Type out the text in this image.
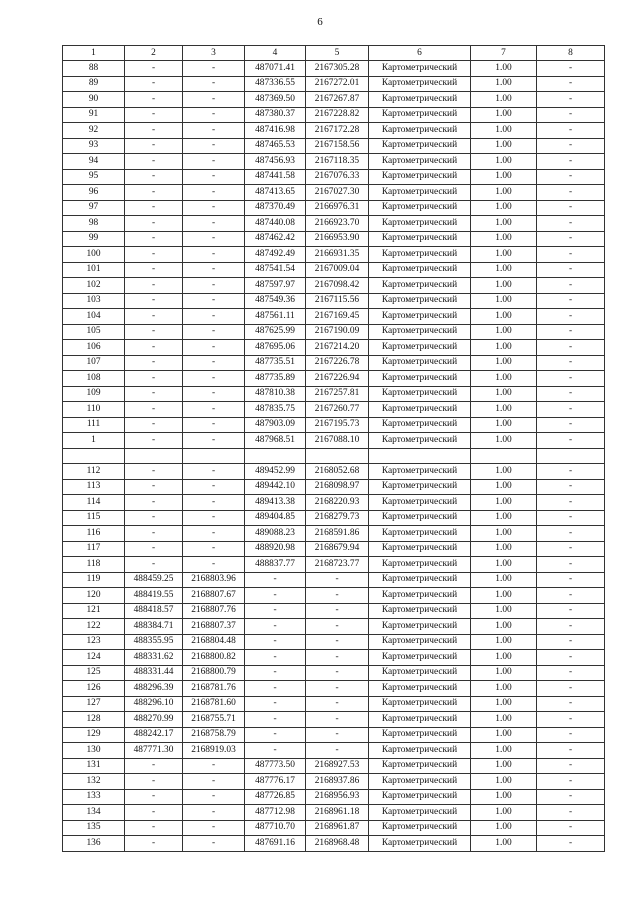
6
1	2	3	4	5	6	7	8
88	-	-	487071.41	2167305.28	Картометрический	1.00	-
89	-	-	487336.55	2167272.01	Картометрический	1.00	-
90	-	-	487369.50	2167267.87	Картометрический	1.00	-
91	-	-	487380.37	2167228.82	Картометрический	1.00	-
92	-	-	487416.98	2167172.28	Картометрический	1.00	-
93	-	-	487465.53	2167158.56	Картометрический	1.00	-
94	-	-	487456.93	2167118.35	Картометрический	1.00	-
95	-	-	487441.58	2167076.33	Картометрический	1.00	-
96	-	-	487413.65	2167027.30	Картометрический	1.00	-
97	-	-	487370.49	2166976.31	Картометрический	1.00	-
98	-	-	487440.08	2166923.70	Картометрический	1.00	-
99	-	-	487462.42	2166953.90	Картометрический	1.00	-
100	-	-	487492.49	2166931.35	Картометрический	1.00	-
101	-	-	487541.54	2167009.04	Картометрический	1.00	-
102	-	-	487597.97	2167098.42	Картометрический	1.00	-
103	-	-	487549.36	2167115.56	Картометрический	1.00	-
104	-	-	487561.11	2167169.45	Картометрический	1.00	-
105	-	-	487625.99	2167190.09	Картометрический	1.00	-
106	-	-	487695.06	2167214.20	Картометрический	1.00	-
107	-	-	487735.51	2167226.78	Картометрический	1.00	-
108	-	-	487735.89	2167226.94	Картометрический	1.00	-
109	-	-	487810.38	2167257.81	Картометрический	1.00	-
110	-	-	487835.75	2167260.77	Картометрический	1.00	-
111	-	-	487903.09	2167195.73	Картометрический	1.00	-
1	-	-	487968.51	2167088.10	Картометрический	1.00	-

112	-	-	489452.99	2168052.68	Картометрический	1.00	-
113	-	-	489442.10	2168098.97	Картометрический	1.00	-
114	-	-	489413.38	2168220.93	Картометрический	1.00	-
115	-	-	489404.85	2168279.73	Картометрический	1.00	-
116	-	-	489088.23	2168591.86	Картометрический	1.00	-
117	-	-	488920.98	2168679.94	Картометрический	1.00	-
118	-	-	488837.77	2168723.77	Картометрический	1.00	-
119	488459.25	2168803.96	-	-	Картометрический	1.00	-
120	488419.55	2168807.67	-	-	Картометрический	1.00	-
121	488418.57	2168807.76	-	-	Картометрический	1.00	-
122	488384.71	2168807.37	-	-	Картометрический	1.00	-
123	488355.95	2168804.48	-	-	Картометрический	1.00	-
124	488331.62	2168800.82	-	-	Картометрический	1.00	-
125	488331.44	2168800.79	-	-	Картометрический	1.00	-
126	488296.39	2168781.76	-	-	Картометрический	1.00	-
127	488296.10	2168781.60	-	-	Картометрический	1.00	-
128	488270.99	2168755.71	-	-	Картометрический	1.00	-
129	488242.17	2168758.79	-	-	Картометрический	1.00	-
130	487771.30	2168919.03	-	-	Картометрический	1.00	-
131	-	-	487773.50	2168927.53	Картометрический	1.00	-
132	-	-	487776.17	2168937.86	Картометрический	1.00	-
133	-	-	487726.85	2168956.93	Картометрический	1.00	-
134	-	-	487712.98	2168961.18	Картометрический	1.00	-
135	-	-	487710.70	2168961.87	Картометрический	1.00	-
136	-	-	487691.16	2168968.48	Картометрический	1.00	-
